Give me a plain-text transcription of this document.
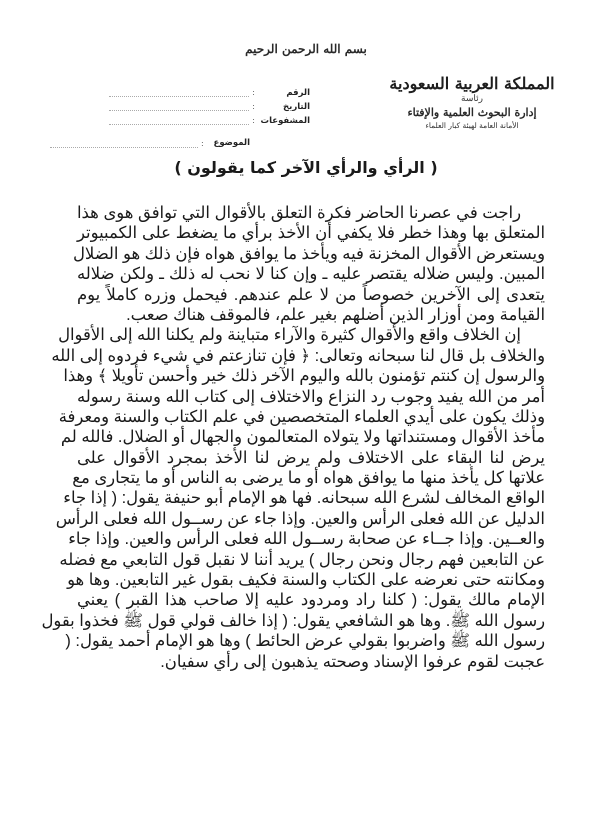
بسم الله الرحمن الرحيم
المملكة العربية السعودية
رئاسة
إدارة البحوث العلمية والإفتاء
الأمانة العامة لهيئة كبار العلماء
الرقم
:
التاريخ
:
المشفوعات
:
الموضوع
:
( الرأي والرأي الآخر كما يقولون )
راجت في عصرنا الحاضر فكرة التعلق بالأقوال التي توافق هوى هذا
المتعلق بها وهذا خطر فلا يكفي أن الأخذ برأي ما يضغط على الكمبيوتر
ويستعرض الأقوال المخزنة فيه ويأخذ ما يوافق هواه فإن ذلك هو الضلال
المبين. وليس ضلاله يقتصر عليه ـ وإن كنا لا نحب له ذلك ـ ولكن ضلاله
يتعدى إلى الآخرين خصوصاً من لا علم عندهم. فيحمل وزره كاملاً يوم
القيامة ومن أوزار الذين أضلهم بغير علم، فالموقف هناك صعب.
إن الخلاف واقع والأقوال كثيرة والآراء متباينة ولم يكلنا الله إلى الأقوال
والخلاف بل قال لنا سبحانه وتعالى: ﴿ فإن تنازعتم في شيء فردوه إلى الله
والرسول إن كنتم تؤمنون بالله واليوم الآخر ذلك خير وأحسن تأويلا ﴾ وهذا
أمر من الله يفيد وجوب رد النزاع والاختلاف إلى كتاب الله وسنة رسوله
وذلك يكون على أيدي العلماء المتخصصين في علم الكتاب والسنة ومعرفة
مأخذ الأقوال ومستنداتها ولا يتولاه المتعالمون والجهال أو الضلال. فالله لم
يرض لنا البقاء على الاختلاف ولم يرض لنا الأخذ بمجرد الأقوال على
علاتها كل يأخذ منها ما يوافق هواه أو ما يرضى به الناس أو ما يتجارى مع
الواقع المخالف لشرع الله سبحانه. فها هو الإمام أبو حنيفة يقول: ( إذا جاء
الدليل عن الله فعلى الرأس والعين. وإذا جاء عن رســول الله فعلى الرأس
والعــين. وإذا جــاء عن صحابة رســول الله فعلى الرأس والعين. وإذا جاء
عن التابعين فهم رجال ونحن رجال ) يريد أننا لا نقبل قول التابعي مع فضله
ومكانته حتى نعرضه على الكتاب والسنة فكيف بقول غير التابعين. وها هو
الإمام مالك يقول: ( كلنا راد ومردود عليه إلا صاحب هذا القبر ) يعني
رسول الله ﷺ. وها هو الشافعي يقول: ( إذا خالف قولي قول ﷺ فخذوا بقول
رسول الله ﷺ واضربوا بقولي عرض الحائط ) وها هو الإمام أحمد يقول: (
عجبت لقوم عرفوا الإسناد وصحته يذهبون إلى رأي سفيان.
